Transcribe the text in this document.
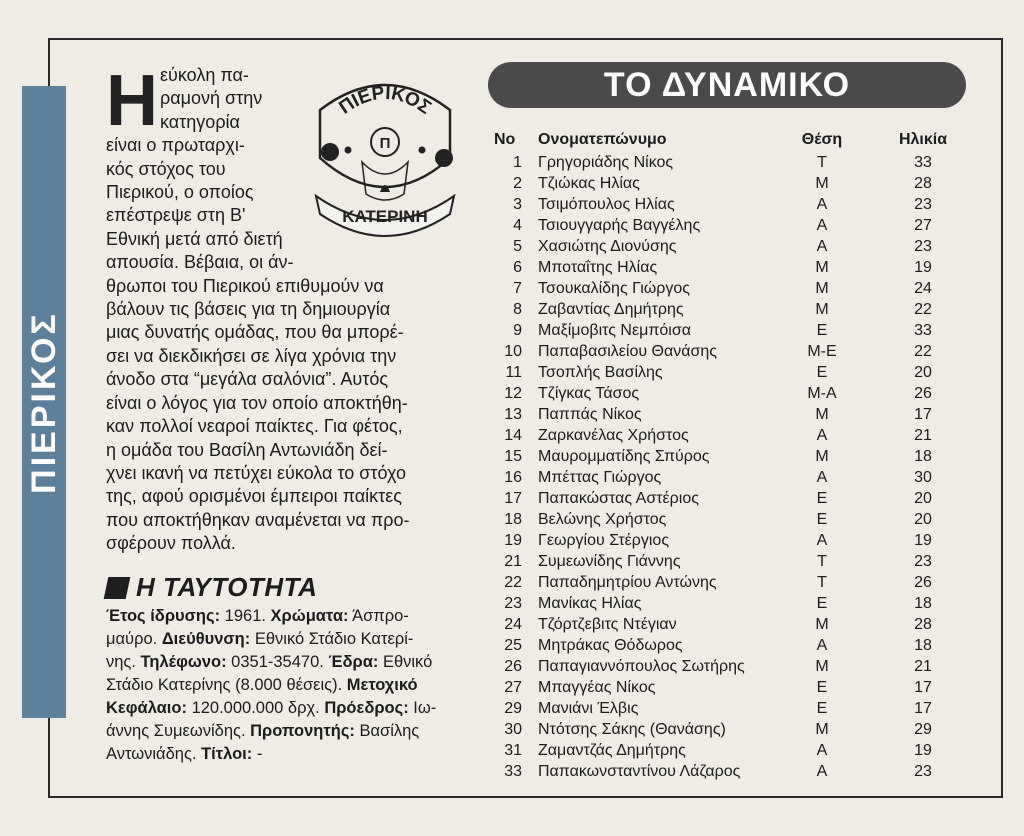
ΠΙΕΡΙΚΟΣ
Η εύκολη πα-
ραμονή στην
κατηγορία
είναι ο πρωταρχι-
κός στόχος του
Πιερικού, ο οποίος
επέστρεψε στη Β'
Εθνική μετά από διετή
απουσία. Βέβαια, οι άν-
θρωποι του Πιερικού επιθυμούν να
βάλουν τις βάσεις για τη δημιουργία
μιας δυνατής ομάδας, που θα μπορέ-
σει να διεκδικήσει σε λίγα χρόνια την
άνοδο στα “μεγάλα σαλόνια”. Αυτός
είναι ο λόγος για τον οποίο αποκτήθη-
καν πολλοί νεαροί παίκτες. Για φέτος,
η ομάδα του Βασίλη Αντωνιάδη δεί-
χνει ικανή να πετύχει εύκολα το στόχο
της, αφού ορισμένοι έμπειροι παίκτες
που αποκτήθηκαν αναμένεται να προ-
σφέρουν πολλά.
ΠΙΕΡΙΚΟΣ
Π
ΚΑΤΕΡΙΝΗ
Η ΤΑΥΤΟΤΗΤΑ
Έτος ίδρυσης: 1961. Χρώματα: Άσπρο-
μαύρο. Διεύθυνση: Εθνικό Στάδιο Κατερί-
νης. Τηλέφωνο: 0351-35470. Έδρα: Εθνικό
Στάδιο Κατερίνης (8.000 θέσεις). Μετοχικό
Κεφάλαιο: 120.000.000 δρχ. Πρόεδρος: Ιω-
άννης Συμεωνίδης. Προπονητής: Βασίλης
Αντωνιάδης. Τίτλοι: -
ΤΟ ΔΥΝΑΜΙΚΟ
Νο	Ονοματεπώνυμο	Θέση	Ηλικία
1 Γρηγοριάδης Νίκος	Τ	33
2 Τζιώκας Ηλίας	Μ	28
3 Τσιμόπουλος Ηλίας	Α	23
4 Τσιουγγαρής Βαγγέλης	Α	27
5 Χασιώτης Διονύσης	Α	23
6 Μποταΐτης Ηλίας	Μ	19
7 Τσουκαλίδης Γιώργος	Μ	24
8 Ζαβαντίας Δημήτρης	Μ	22
9 Μαξίμοβιτς Νεμπόισα	Ε	33
10 Παπαβασιλείου Θανάσης	Μ-Ε	22
11 Τσοπλής Βασίλης	Ε	20
12 Τζίγκας Τάσος	Μ-Α	26
13 Παππάς Νίκος	Μ	17
14 Ζαρκανέλας Χρήστος	Α	21
15 Μαυρομματίδης Σπύρος	Μ	18
16 Μπέττας Γιώργος	Α	30
17 Παπακώστας Αστέριος	Ε	20
18 Βελώνης Χρήστος	Ε	20
19 Γεωργίου Στέργιος	Α	19
21 Συμεωνίδης Γιάννης	Τ	23
22 Παπαδημητρίου Αντώνης	Τ	26
23 Μανίκας Ηλίας	Ε	18
24 Τζόρτζεβιτς Ντέγιαν	Μ	28
25 Μητράκας Θόδωρος	Α	18
26 Παπαγιαννόπουλος Σωτήρης	Μ	21
27 Μπαγγέας Νίκος	Ε	17
29 Μανιάνι Έλβις	Ε	17
30 Ντότσης Σάκης (Θανάσης)	Μ	29
31 Ζαμαντζάς Δημήτρης	Α	19
33 Παπακωνσταντίνου Λάζαρος	Α	23
